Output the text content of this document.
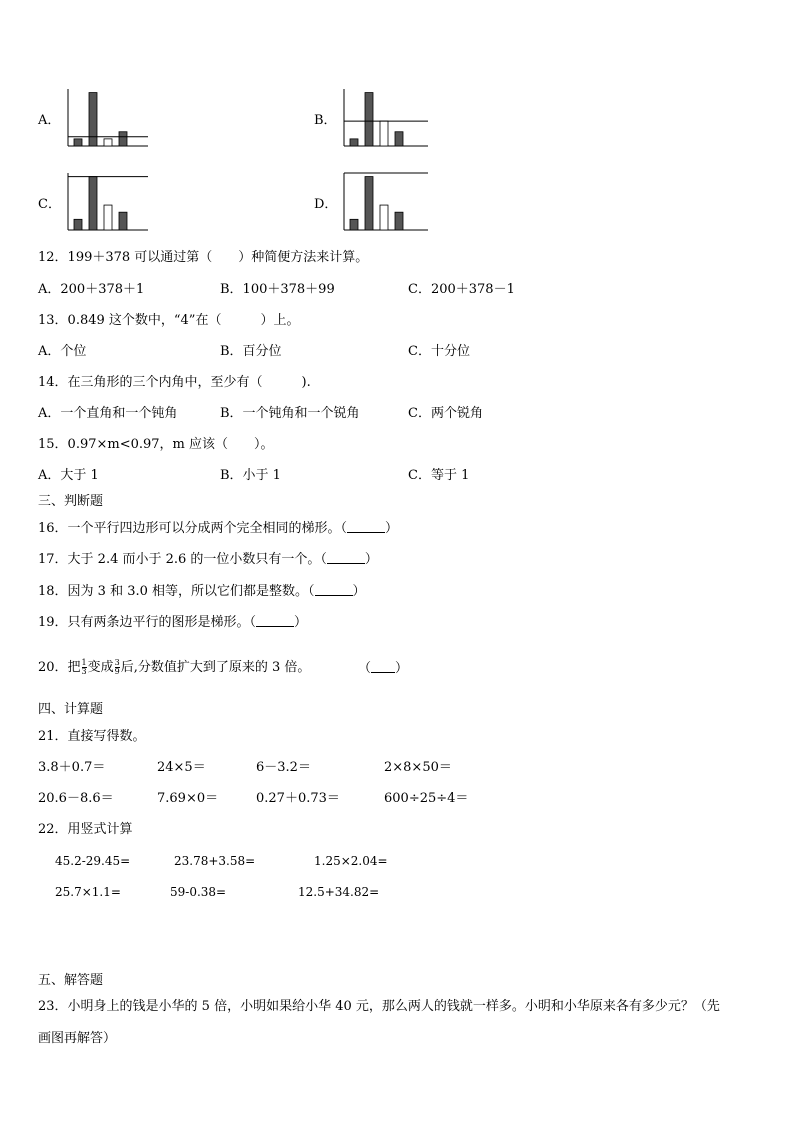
A．	B．
C．	D．
12．199＋378 可以通过第（　　）种简便方法来计算。
A．200＋378＋1	B．100＋378＋99	C．200＋378－1
13．0.849 这个数中，“4”在（　　　）上。
A．个位	B．百分位	C．十分位
14．在三角形的三个内角中，至少有（　　　).
A．一个直角和一个钝角	B．一个钝角和一个锐角	C．两个锐角
15．0.97×m<0.97，m 应该（　　）。
A．大于 1	B．小于 1	C．等于 1
三、判断题
16．一个平行四边形可以分成两个完全相同的梯形。（	）
17．大于 2.4 而小于 2.6 的一位小数只有一个。（	）
18．因为 3 和 3.0 相等，所以它们都是整数。（	）
19．只有两条边平行的图形是梯形。（	）
20．把 $\frac{1}{3}$ 变成 $\frac{3}{9}$ 后,分数值扩大到了原来的 3 倍。	（ ）
四、计算题
21．直接写得数。
3.8＋0.7＝	24×5＝	6－3.2＝	2×8×50＝
20.6－8.6＝	7.69×0＝	0.27＋0.73＝	600÷25÷4＝
22．用竖式计算
45.2-29.45=	23.78+3.58=	1.25×2.04=
25.7×1.1=	59-0.38=	12.5+34.82=
五、解答题
23．小明身上的钱是小华的 5 倍，小明如果给小华 40 元，那么两人的钱就一样多。小明和小华原来各有多少元？（先
画图再解答）
